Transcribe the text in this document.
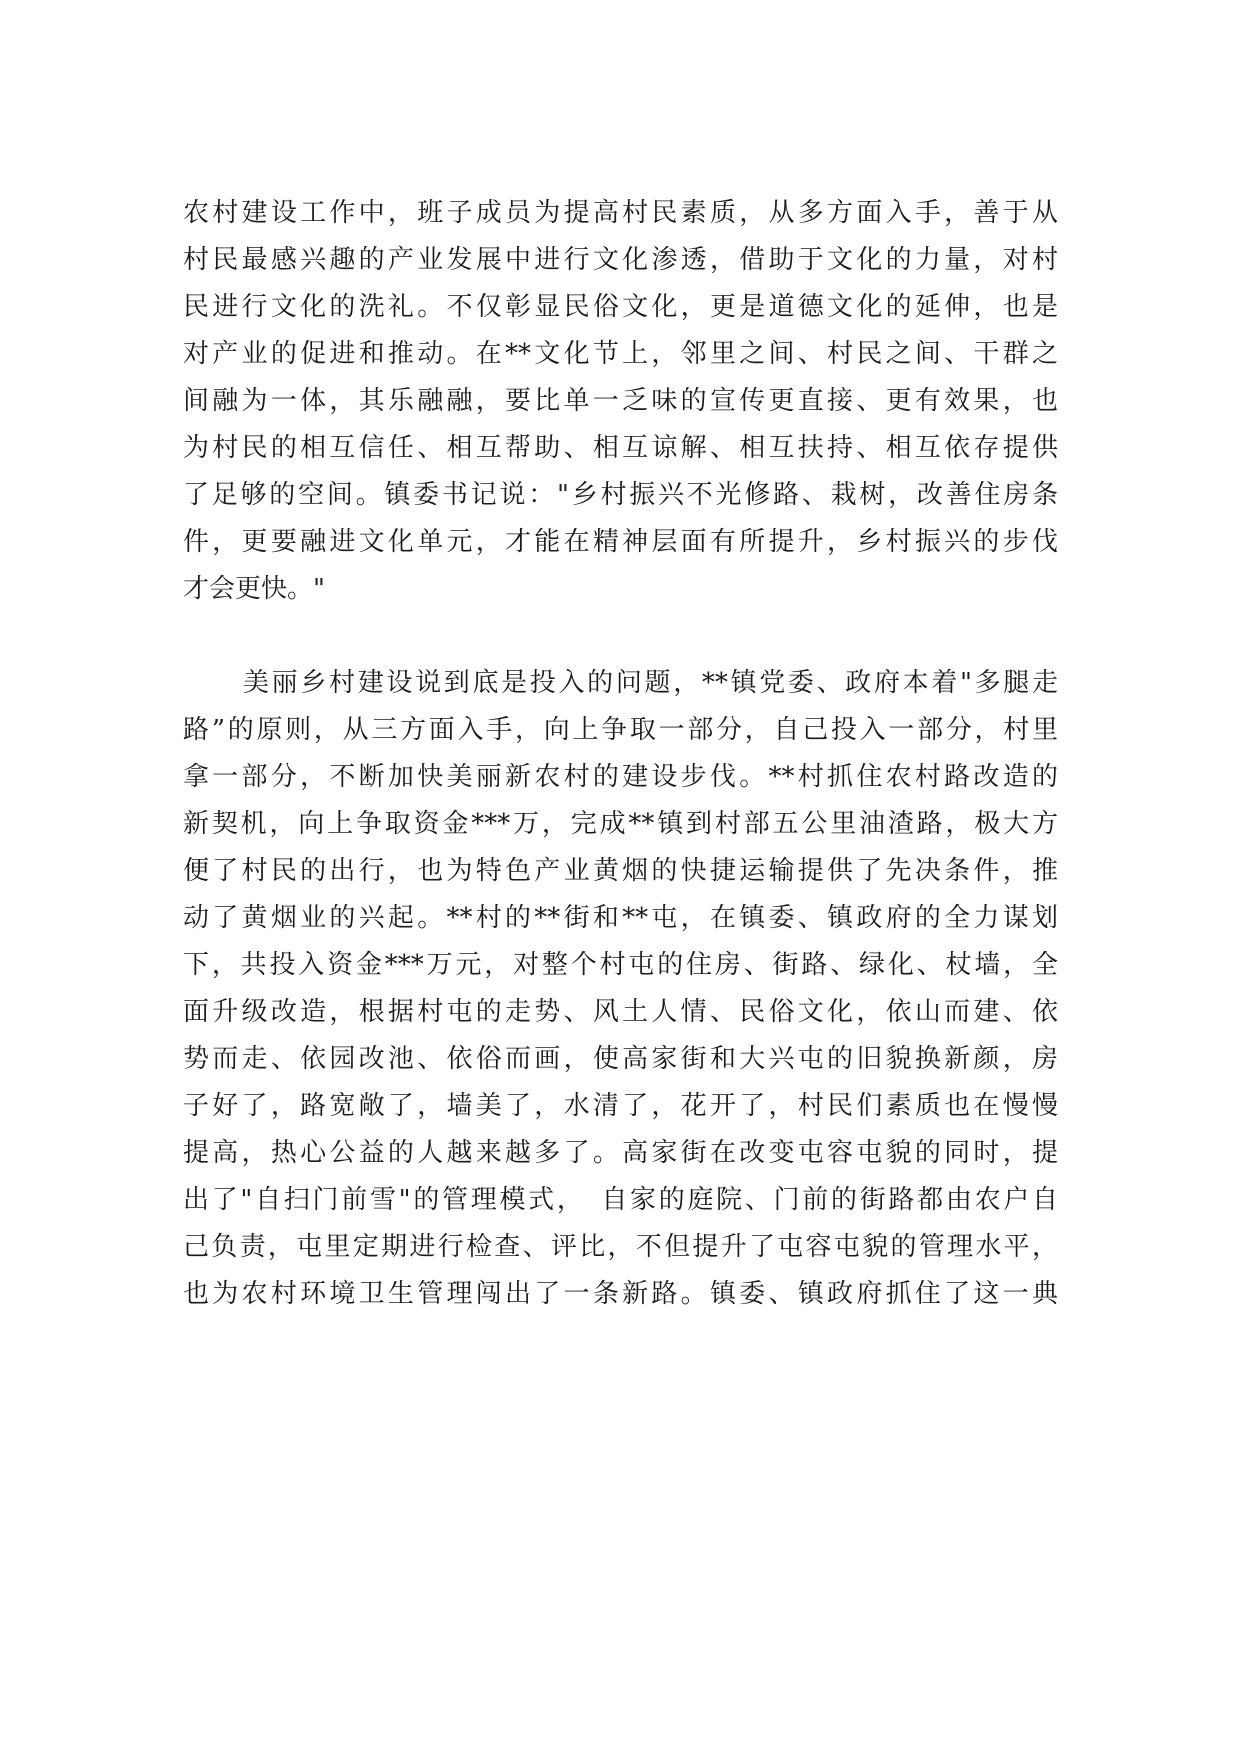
农村建设工作中，班子成员为提高村民素质，从多方面入手，善于从
村民最感兴趣的产业发展中进行文化渗透，借助于文化的力量，对村
民进行文化的洗礼。不仅彰显民俗文化，更是道德文化的延伸，也是
对产业的促进和推动。在**文化节上，邻里之间、村民之间、干群之
间融为一体，其乐融融，要比单一乏味的宣传更直接、更有效果，也
为村民的相互信任、相互帮助、相互谅解、相互扶持、相互依存提供
了足够的空间。镇委书记说："乡村振兴不光修路、栽树，改善住房条
件，更要融进文化单元，才能在精神层面有所提升，乡村振兴的步伐
才会更快。"
美丽乡村建设说到底是投入的问题，**镇党委、政府本着"多腿走
路”的原则，从三方面入手，向上争取一部分，自己投入一部分，村里
拿一部分，不断加快美丽新农村的建设步伐。**村抓住农村路改造的
新契机，向上争取资金***万，完成**镇到村部五公里油渣路，极大方
便了村民的出行，也为特色产业黄烟的快捷运输提供了先决条件，推
动了黄烟业的兴起。**村的**街和**屯，在镇委、镇政府的全力谋划
下，共投入资金***万元，对整个村屯的住房、街路、绿化、杖墙，全
面升级改造，根据村屯的走势、风土人情、民俗文化，依山而建、依
势而走、依园改池、依俗而画，使高家街和大兴屯的旧貌换新颜，房
子好了，路宽敞了，墙美了，水清了，花开了，村民们素质也在慢慢
提高，热心公益的人越来越多了。高家街在改变屯容屯貌的同时，提
出了"自扫门前雪"的管理模式，　自家的庭院、门前的街路都由农户自
己负责，屯里定期进行检查、评比，不但提升了屯容屯貌的管理水平，
也为农村环境卫生管理闯出了一条新路。镇委、镇政府抓住了这一典
